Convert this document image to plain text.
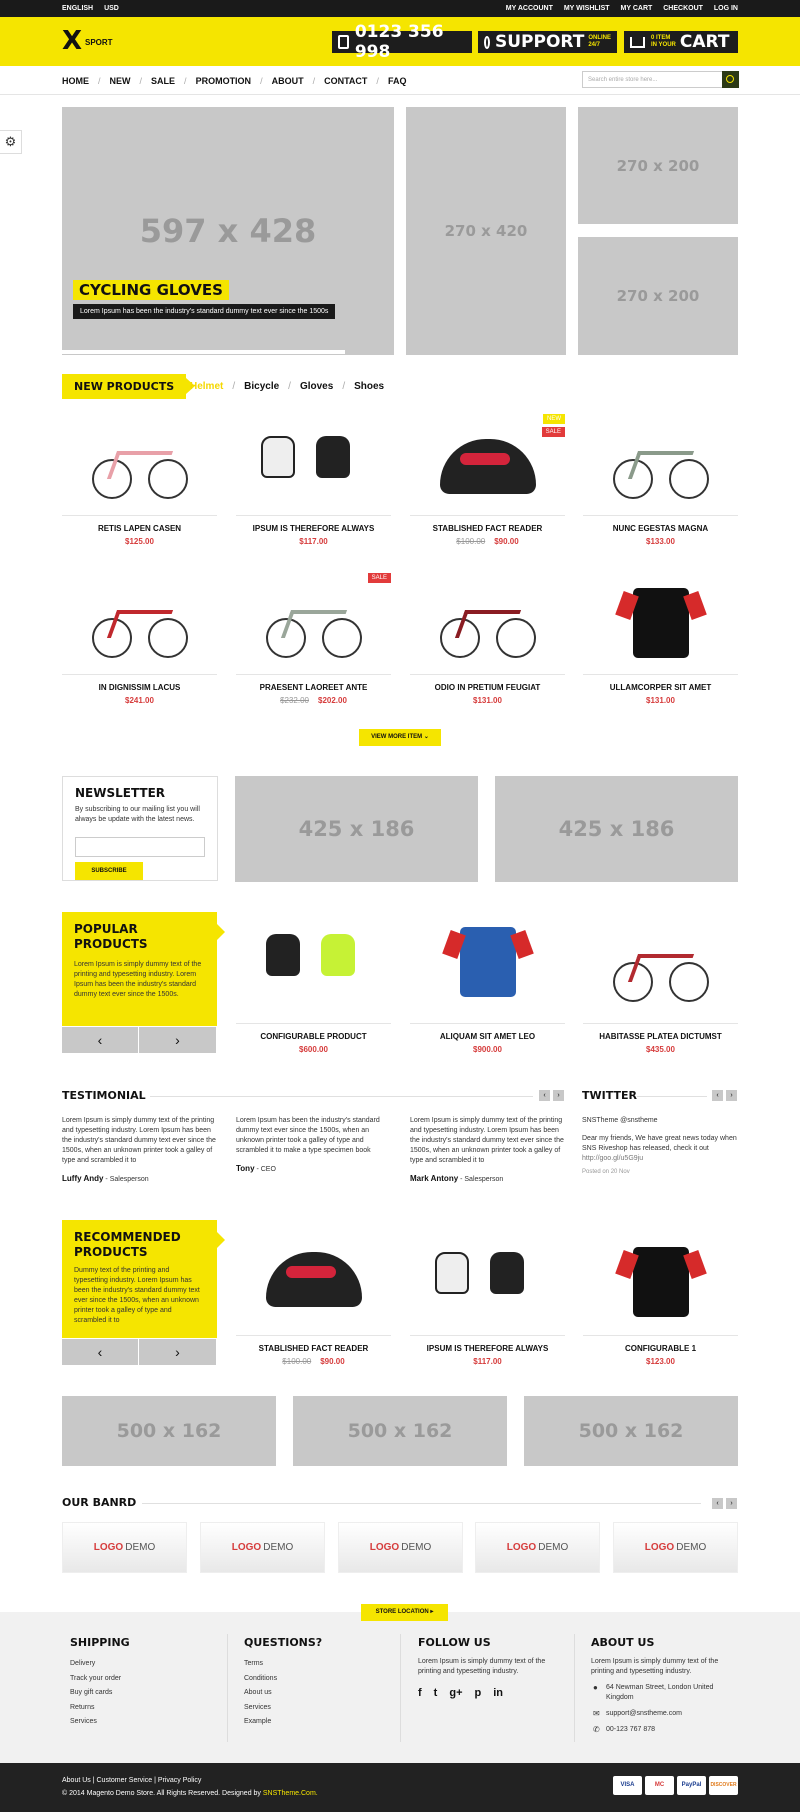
ENGLISH USD	MY ACCOUNT MY WISHLIST MY CART CHECKOUT LOG IN
X SPORT
0123 356 998	SUPPORT ONLINE
24/7
0 ITEM
IN YOUR CART
HOME / NEW / SALE / PROMOTION / ABOUT / CONTACT / FAQ	Search entire store here...
⚙
597 x 428
CYCLING GLOVES
Lorem Ipsum has been the industry's standard dummy text ever since the 1500s
270 x 420
270 x 200
270 x 200
NEW PRODUCTS	Helmet / Bicycle / Gloves / Shoes
RETIS LAPEN CASEN
$125.00
IPSUM IS THEREFORE ALWAYS
$117.00
NEW
SALE
STABLISHED FACT READER
$100.00 $90.00
NUNC EGESTAS MAGNA
$133.00
IN DIGNISSIM LACUS
$241.00
SALE
PRAESENT LAOREET ANTE
$232.00 $202.00
ODIO IN PRETIUM FEUGIAT
$131.00
ULLAMCORPER SIT AMET
$131.00
VIEW MORE ITEM ⌄
NEWSLETTER

By subscribing to our mailing list you will always be update with the latest news.

SUBSCRIBE
425 x 186	425 x 186
POPULAR PRODUCTS

Lorem Ipsum is simply dummy text of the printing and typesetting industry. Lorem Ipsum has been the industry's standard dummy text ever since the 1500s.

‹	›	CONFIGURABLE PRODUCT
$600.00
ALIQUAM SIT AMET LEO
$900.00
HABITASSE PLATEA DICTUMST
$435.00
TESTIMONIAL	‹	›
Lorem Ipsum is simply dummy text of the printing and typesetting industry. Lorem Ipsum has been the industry's standard dummy text ever since the 1500s, when an unknown printer took a galley of type and scrambled it to
Luffy Andy - Salesperson
Lorem Ipsum has been the industry's standard dummy text ever since the 1500s, when an unknown printer took a galley of type and scrambled it to make a type specimen book
Tony - CEO
Lorem Ipsum is simply dummy text of the printing and typesetting industry. Lorem Ipsum has been the industry's standard dummy text ever since the 1500s, when an unknown printer took a galley of type and scrambled it to
Mark Antony - Salesperson
TWITTER	‹	›
SNSTheme @snstheme
Dear my friends, We have great news today when SNS Riveshop has released, check it out
http://goo.gl/u5G9ju
Posted on 20 Nov
RECOMMENDED PRODUCTS

Dummy text of the printing and typesetting industry. Lorem Ipsum has been the industry's standard dummy text ever since the 1500s, when an unknown printer took a galley of type and scrambled it to

‹	›	STABLISHED FACT READER
$100.00 $90.00
IPSUM IS THEREFORE ALWAYS
$117.00
CONFIGURABLE 1
$123.00
500 x 162	500 x 162	500 x 162
OUR BANRD	‹	›
LOGO DEMO	LOGO DEMO	LOGO DEMO	LOGO DEMO	LOGO DEMO
STORE LOCATION ▸
SHIPPING
Delivery
Track your order
Buy gift cards
Returns
Services
QUESTIONS?
Terms
Conditions
About us
Services
Example
FOLLOW US

Lorem Ipsum is simply dummy text of the printing and typesetting industry.

f t g+ p in
ABOUT US

Lorem Ipsum is simply dummy text of the printing and typesetting industry.

● 64 Newman Street, London United Kingdom
✉ support@snstheme.com
✆ 00-123 767 878
About Us | Customer Service | Privacy Policy
© 2014 Magento Demo Store. All Rights Reserved. Designed by SNSTheme.Com.
VISA	MC	PayPal	DISCOVER
